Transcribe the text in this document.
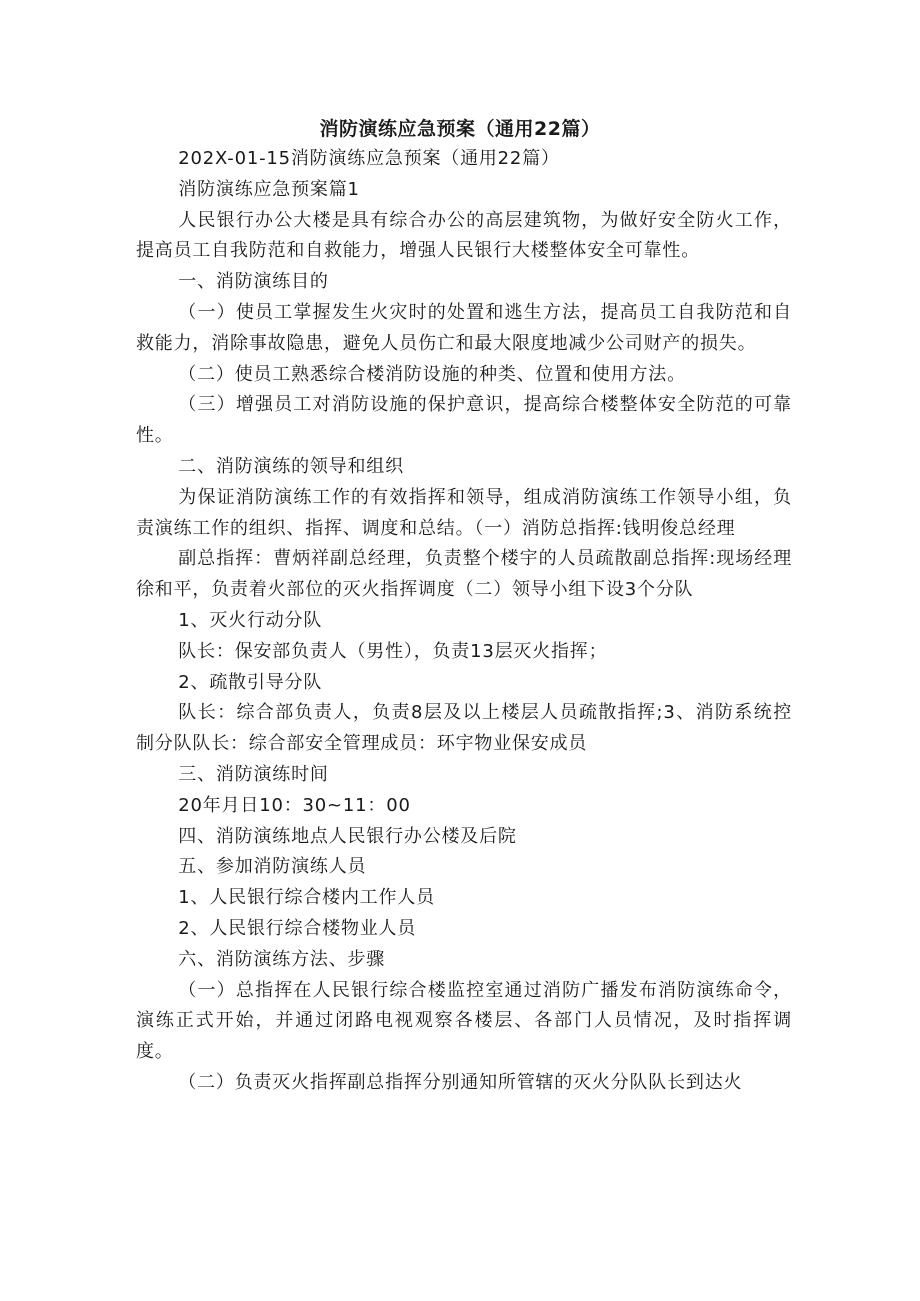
消防演练应急预案（通用22篇）

202X-01-15消防演练应急预案（通用22篇）

消防演练应急预案篇1

人民银行办公大楼是具有综合办公的高层建筑物，为做好安全防火工作，提高员工自我防范和自救能力，增强人民银行大楼整体安全可靠性。

一、消防演练目的

（一）使员工掌握发生火灾时的处置和逃生方法，提高员工自我防范和自救能力，消除事故隐患，避免人员伤亡和最大限度地减少公司财产的损失。

（二）使员工熟悉综合楼消防设施的种类、位置和使用方法。

（三）增强员工对消防设施的保护意识，提高综合楼整体安全防范的可靠性。

二、消防演练的领导和组织

为保证消防演练工作的有效指挥和领导，组成消防演练工作领导小组，负责演练工作的组织、指挥、调度和总结。（一）消防总指挥:钱明俊总经理

副总指挥：曹炳祥副总经理，负责整个楼宇的人员疏散副总指挥:现场经理徐和平，负责着火部位的灭火指挥调度（二）领导小组下设3个分队

1、灭火行动分队

队长：保安部负责人（男性），负责13层灭火指挥；

2、疏散引导分队

队长：综合部负责人，负责8层及以上楼层人员疏散指挥;3、消防系统控制分队队长：综合部安全管理成员：环宇物业保安成员

三、消防演练时间

20年月日10：30~11：00

四、消防演练地点人民银行办公楼及后院

五、参加消防演练人员

1、人民银行综合楼内工作人员

2、人民银行综合楼物业人员

六、消防演练方法、步骤

（一）总指挥在人民银行综合楼监控室通过消防广播发布消防演练命令，演练正式开始，并通过闭路电视观察各楼层、各部门人员情况，及时指挥调度。

（二）负责灭火指挥副总指挥分别通知所管辖的灭火分队队长到达火
